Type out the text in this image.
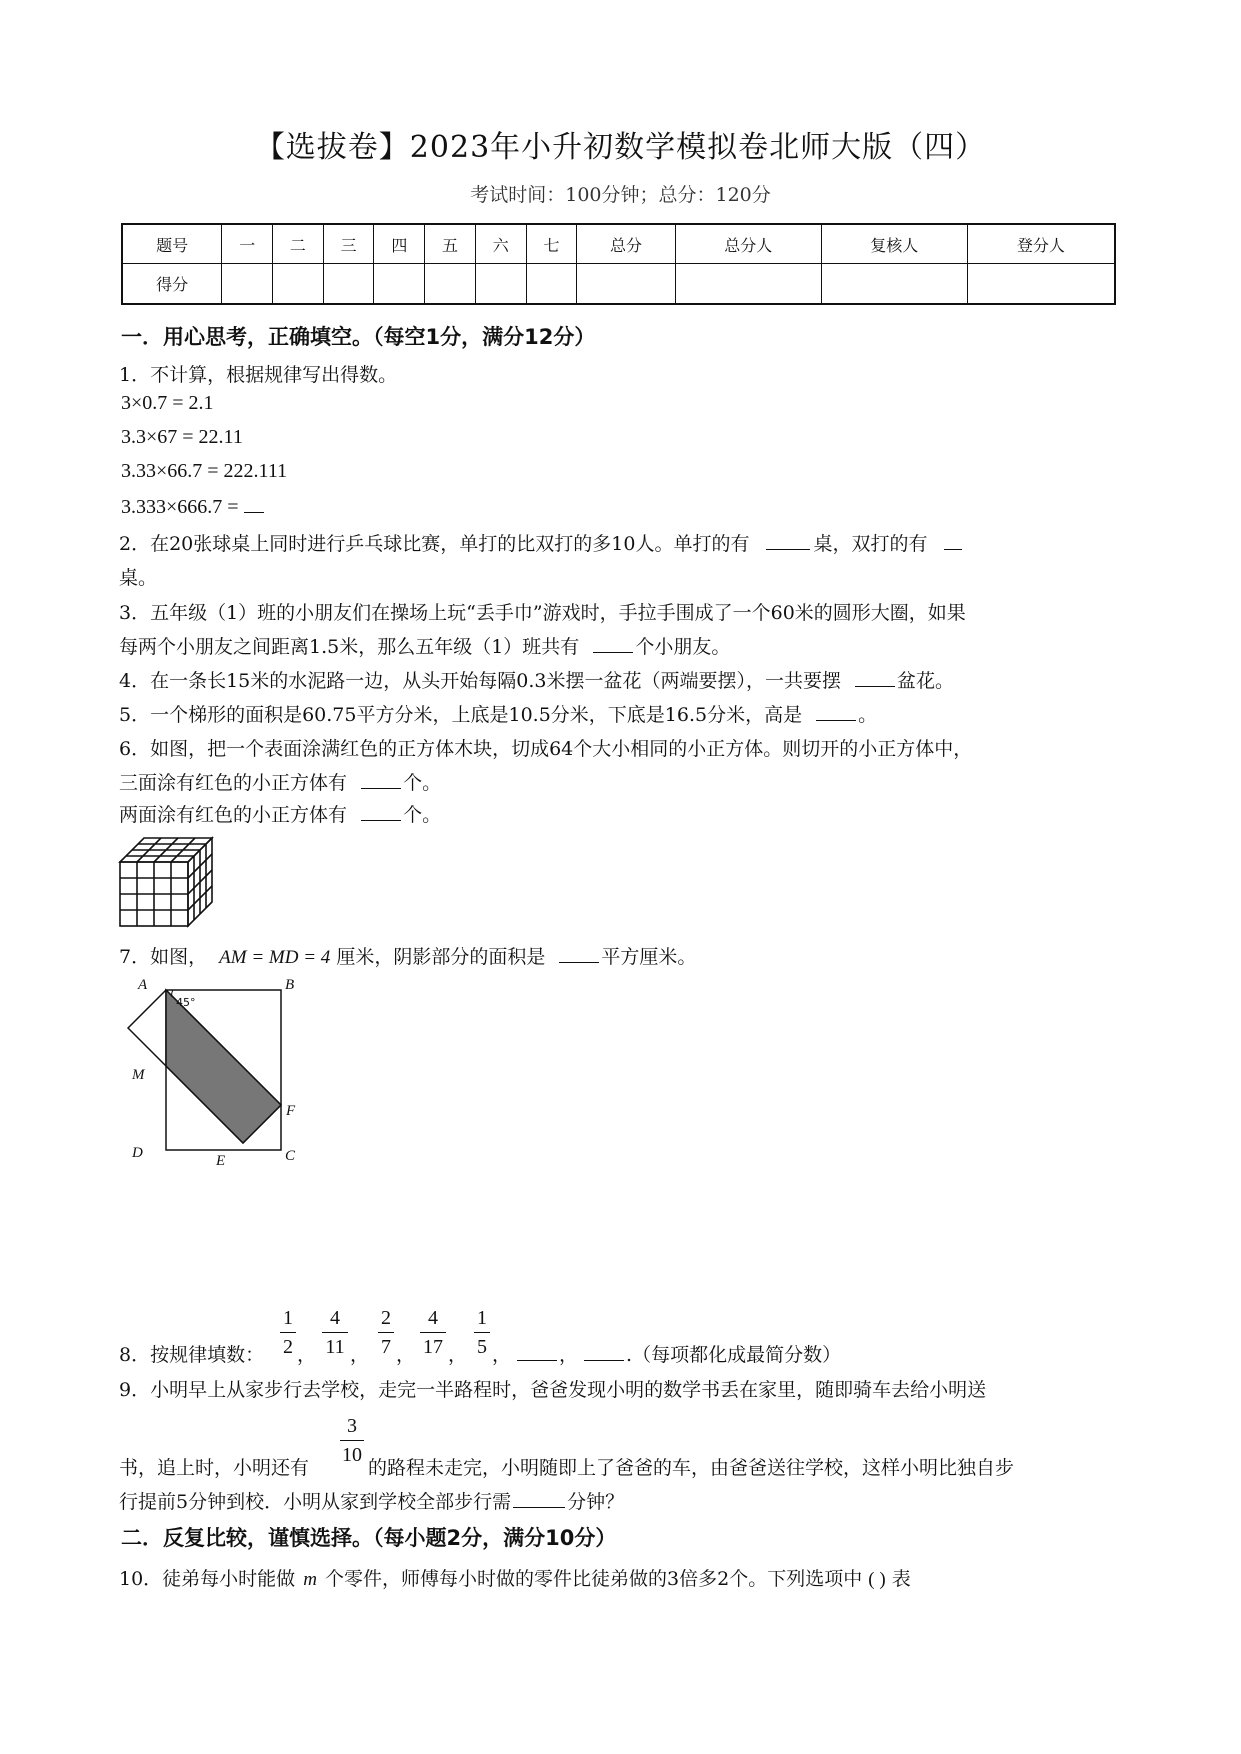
【选拔卷】2023年小升初数学模拟卷北师大版（四）
考试时间：100分钟；总分：120分
题号	一	二	三	四	五	六	七	总分	总分人	复核人	登分人
得分											
一．用心思考，正确填空。（每空1分，满分12分）
1．不计算，根据规律写出得数。
3×0.7 = 2.1
3.3×67 = 22.11
3.33×66.7 = 222.111
3.333×666.7 =
2．在20张球桌上同时进行乒乓球比赛，单打的比双打的多10人。单打的有	桌，双打的有
桌。
3．五年级（1）班的小朋友们在操场上玩“丢手巾”游戏时，手拉手围成了一个60米的圆形大圈，如果
每两个小朋友之间距离1.5米，那么五年级（1）班共有	个小朋友。
4．在一条长15米的水泥路一边，从头开始每隔0.3米摆一盆花（两端要摆），一共要摆	盆花。
5．一个梯形的面积是60.75平方分米，上底是10.5分米，下底是16.5分米，高是	。
6．如图，把一个表面涂满红色的正方体木块，切成64个大小相同的小正方体。则切开的小正方体中，
三面涂有红色的小正方体有	个。
两面涂有红色的小正方体有	个。
7．如图， AM = MD = 4 厘米，阴影部分的面积是	平方厘米。
A	B
C
D	E
F
M
45°
8．按规律填数：
1
2 ，
4
11 ，
2
7 ，
4
17 ，
1
5 ，	，	.（每项都化成最简分数）
9．小明早上从家步行去学校，走完一半路程时，爸爸发现小明的数学书丢在家里，随即骑车去给小明送
书，追上时，小明还有
3
10
的路程未走完，小明随即上了爸爸的车，由爸爸送往学校，这样小明比独自步
行提前5分钟到校．小明从家到学校全部步行需	分钟？
二．反复比较，谨慎选择。（每小题2分，满分10分）
10．徒弟每小时能做 m 个零件，师傅每小时做的零件比徒弟做的3倍多2个。下列选项中 ( ) 表
